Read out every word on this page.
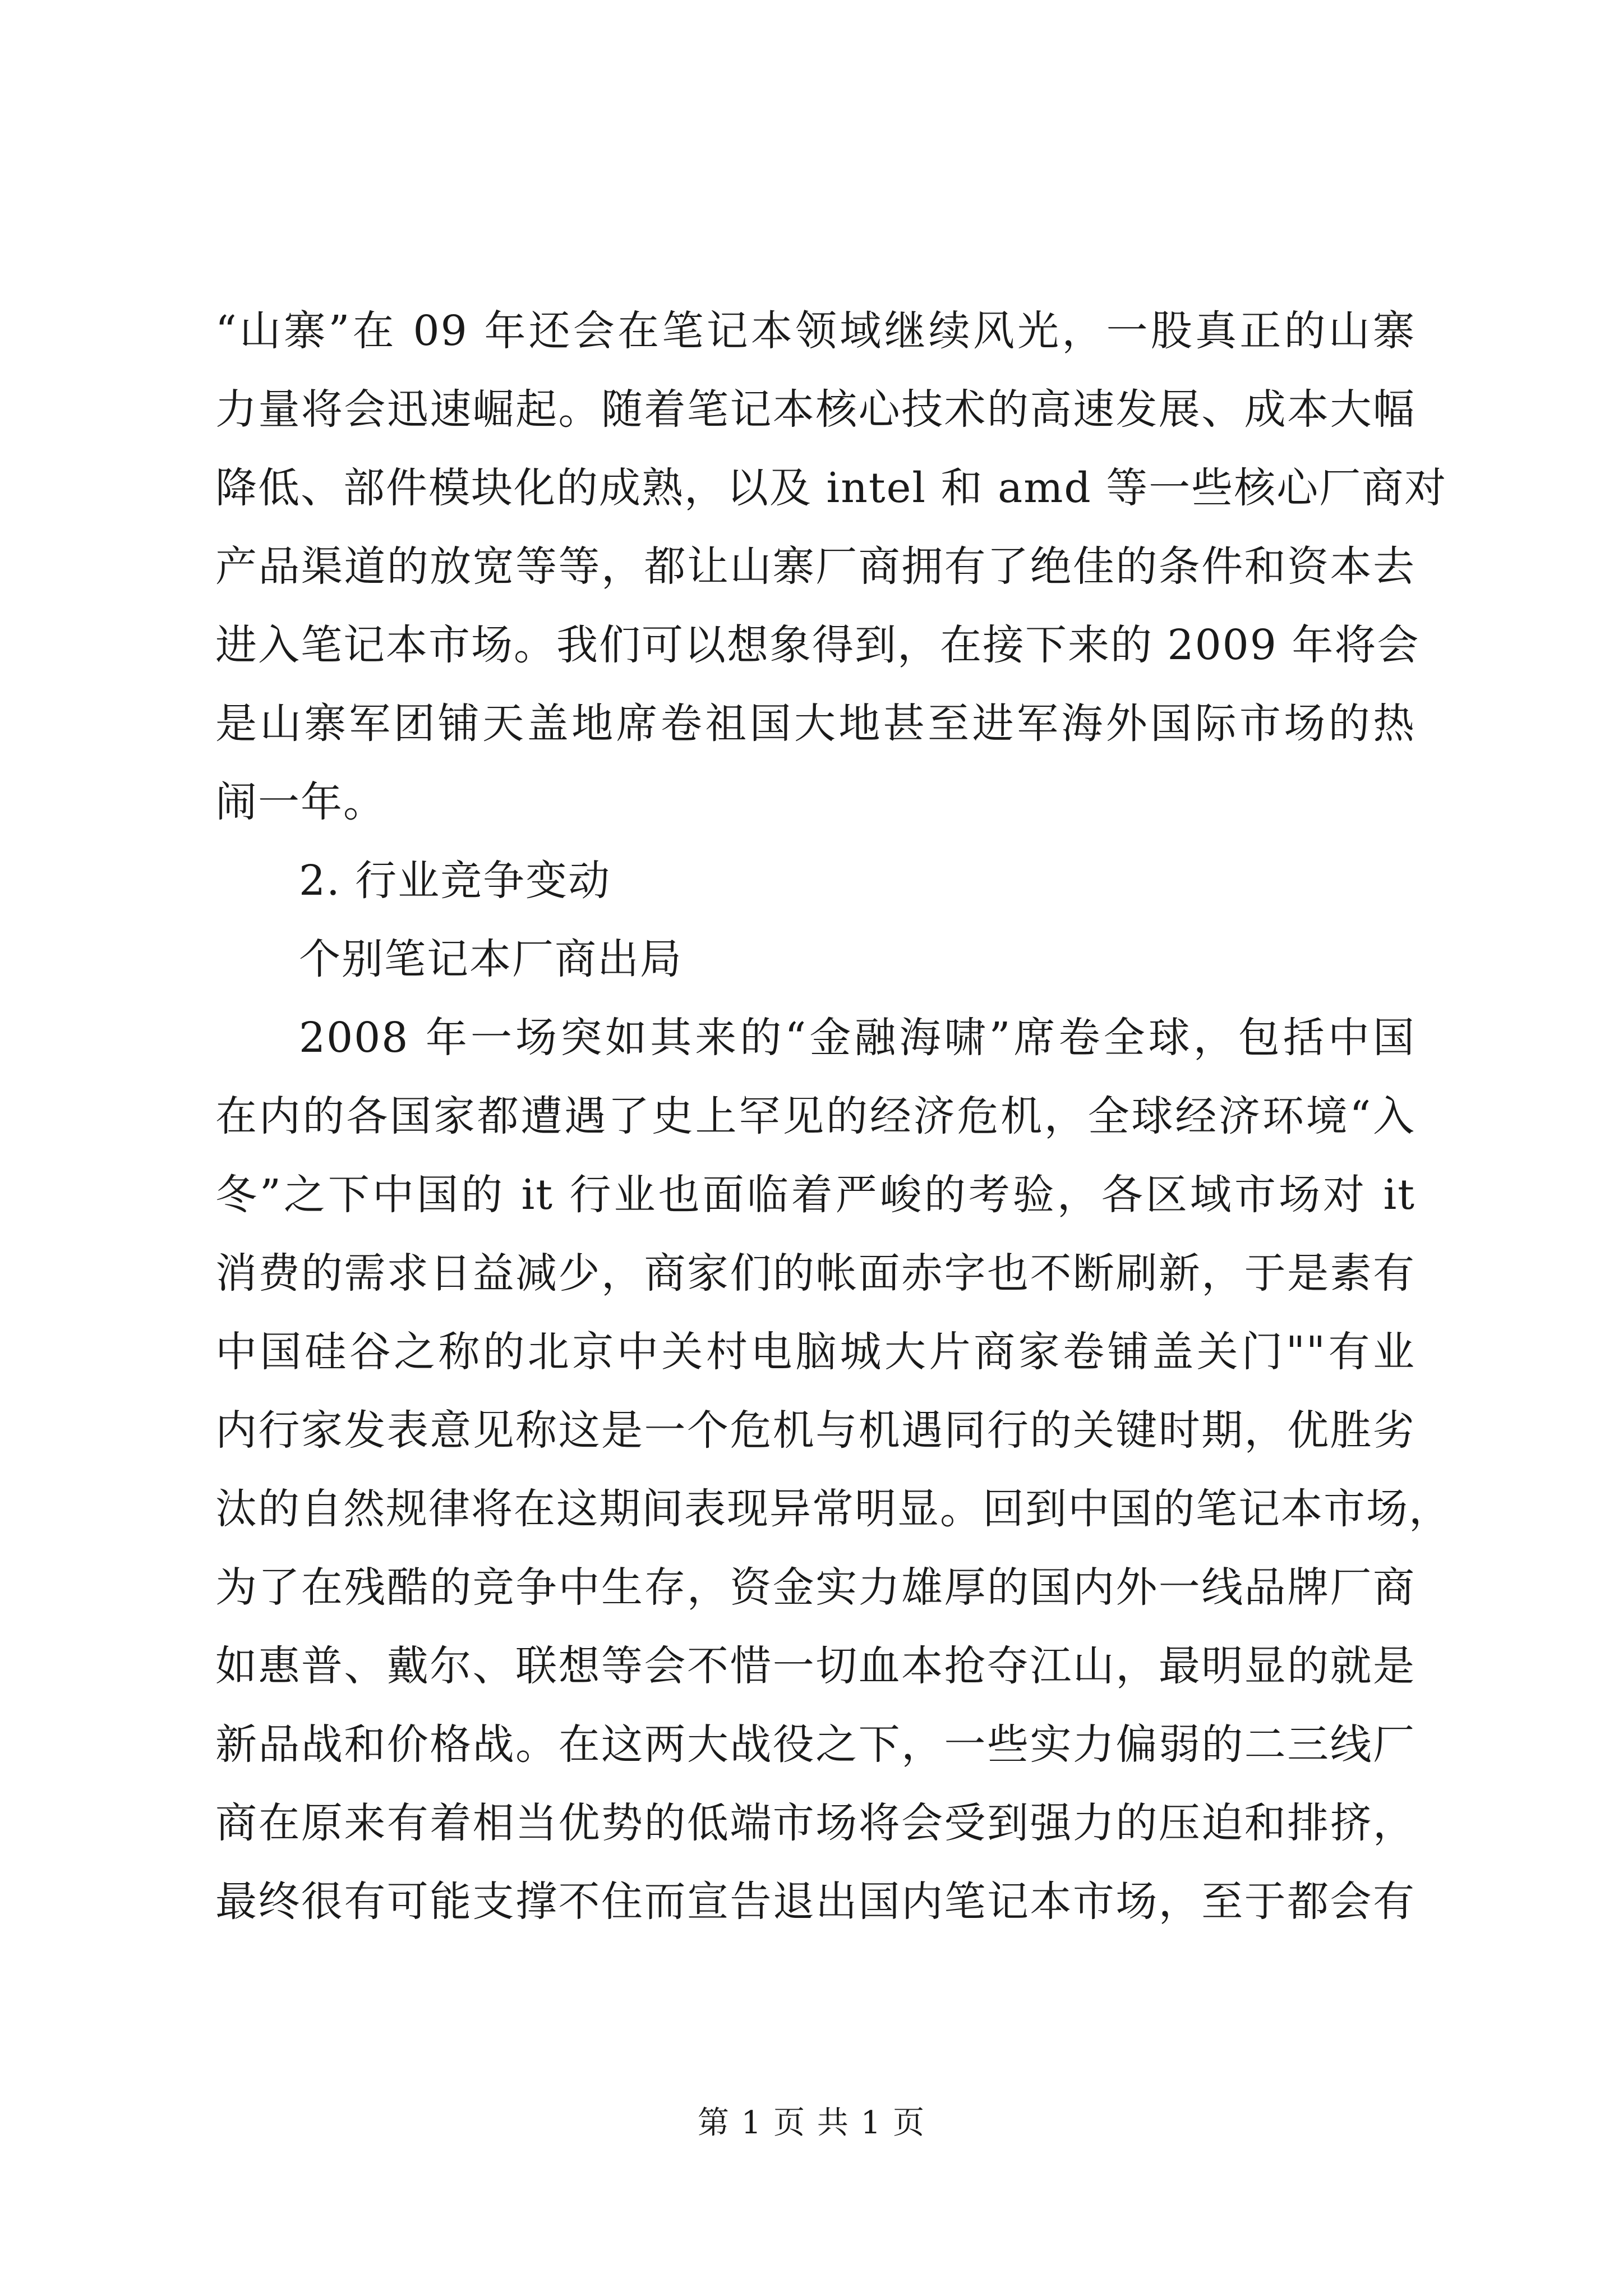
“山寨”在 09 年还会在笔记本领域继续风光，一股真正的山寨
力量将会迅速崛起。随着笔记本核心技术的高速发展、成本大幅
降低、部件模块化的成熟，以及 intel 和 amd 等一些核心厂商对
产品渠道的放宽等等，都让山寨厂商拥有了绝佳的条件和资本去
进入笔记本市场。我们可以想象得到，在接下来的 2009 年将会
是山寨军团铺天盖地席卷祖国大地甚至进军海外国际市场的热
闹一年。
2. 行业竞争变动
个别笔记本厂商出局
2008 年一场突如其来的“金融海啸”席卷全球，包括中国
在内的各国家都遭遇了史上罕见的经济危机，全球经济环境“入
冬”之下中国的 it 行业也面临着严峻的考验，各区域市场对 it
消费的需求日益减少，商家们的帐面赤字也不断刷新，于是素有
中国硅谷之称的北京中关村电脑城大片商家卷铺盖关门""有业
内行家发表意见称这是一个危机与机遇同行的关键时期，优胜劣
汰的自然规律将在这期间表现异常明显。回到中国的笔记本市场，
为了在残酷的竞争中生存，资金实力雄厚的国内外一线品牌厂商
如惠普、戴尔、联想等会不惜一切血本抢夺江山，最明显的就是
新品战和价格战。在这两大战役之下，一些实力偏弱的二三线厂
商在原来有着相当优势的低端市场将会受到强力的压迫和排挤，
最终很有可能支撑不住而宣告退出国内笔记本市场，至于都会有
第 1 页 共 1 页
